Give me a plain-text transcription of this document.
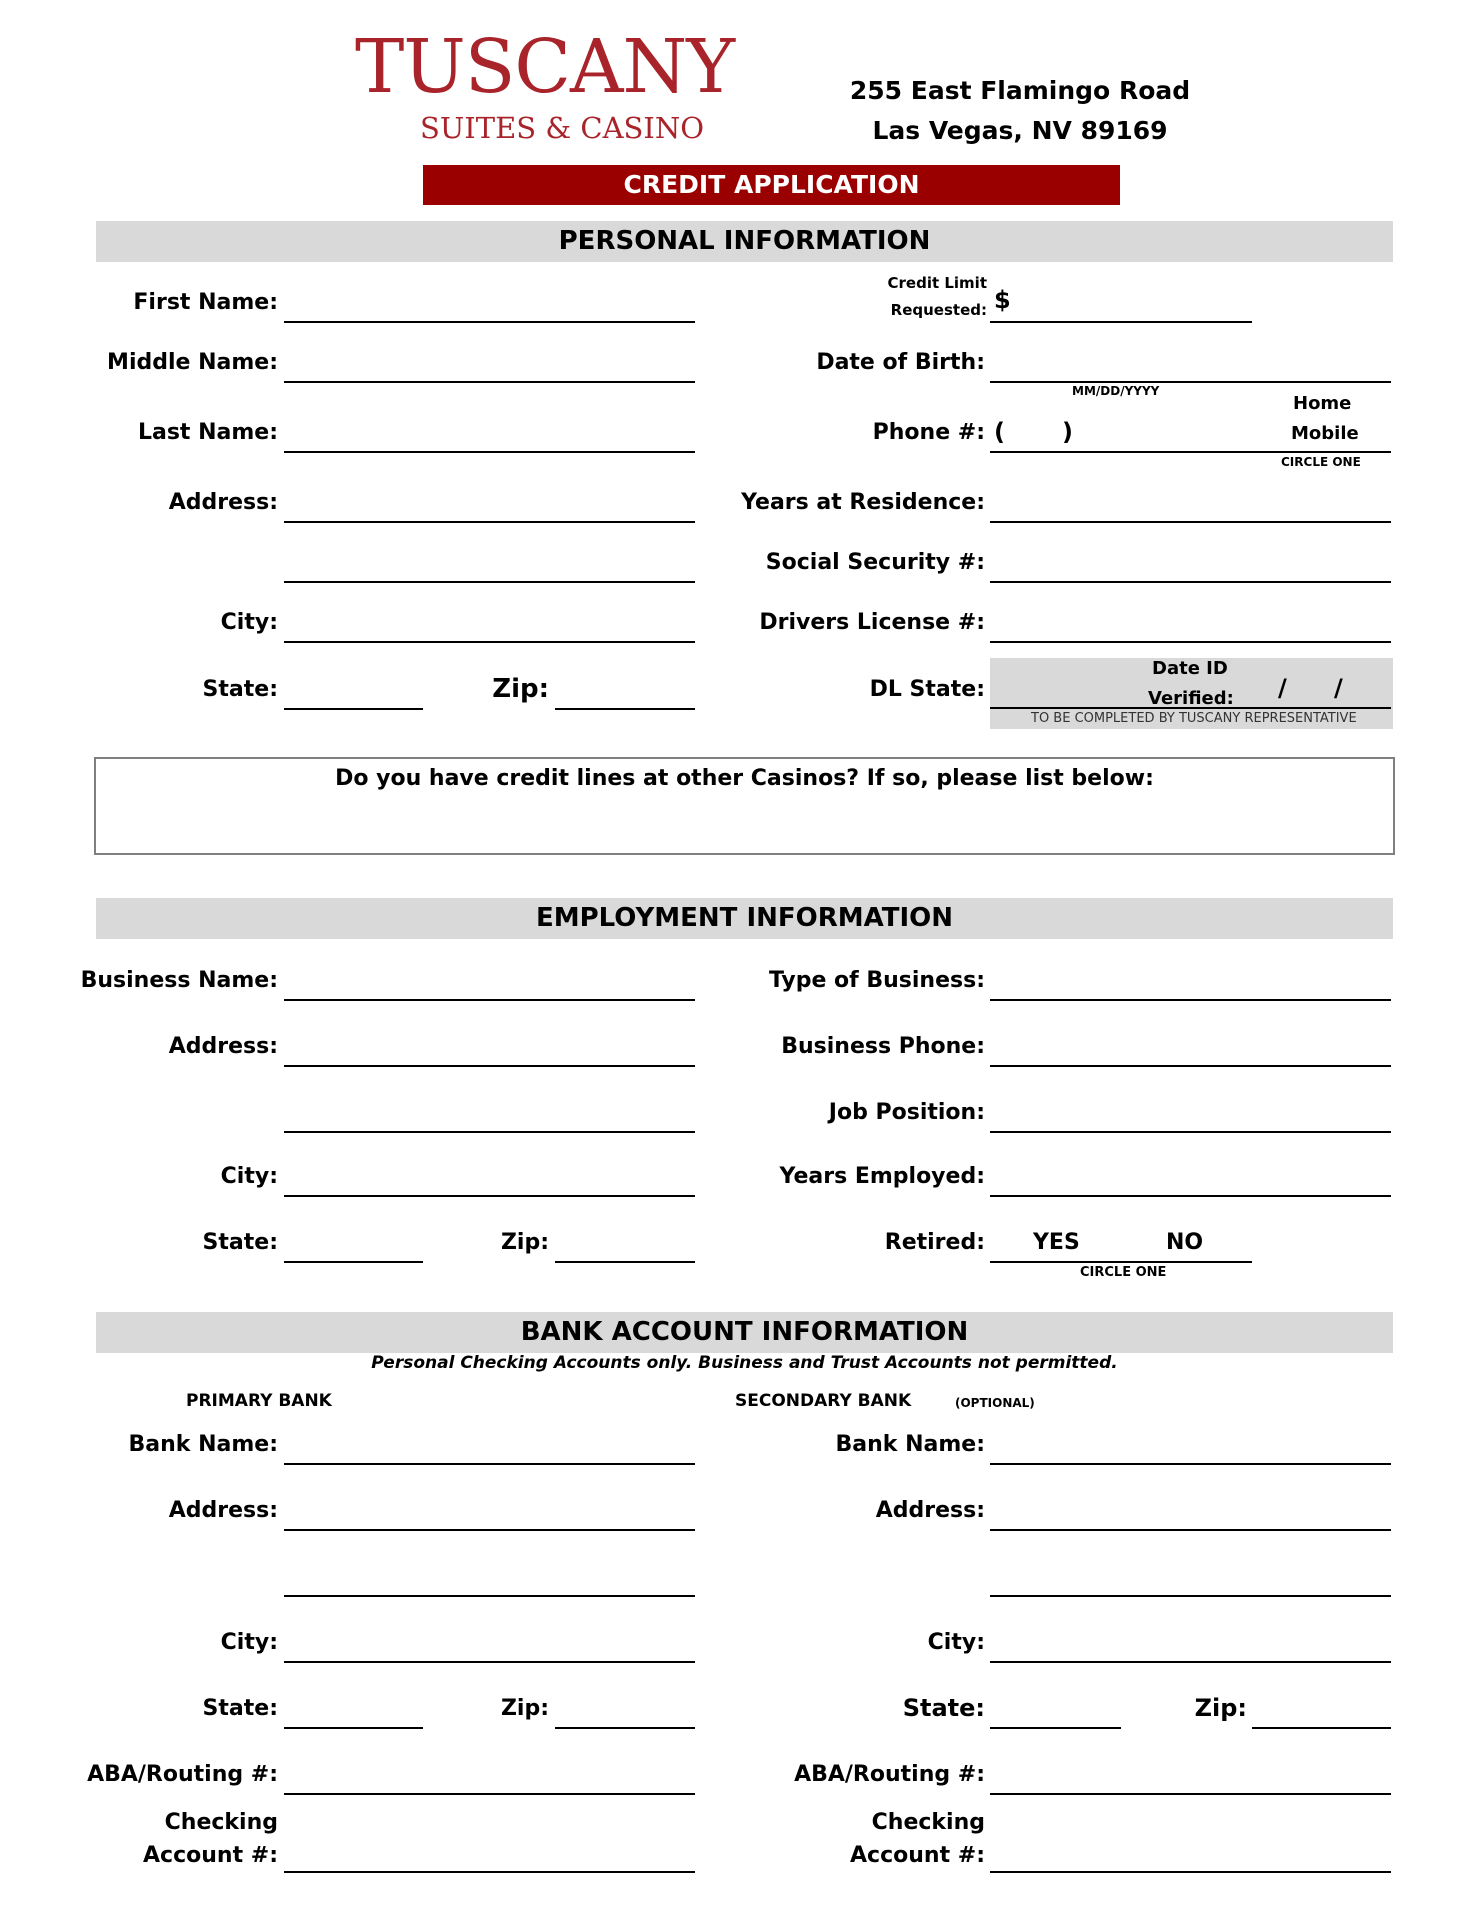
TUSCANY
SUITES & CASINO
255 East Flamingo Road
Las Vegas, NV 89169
CREDIT APPLICATION
PERSONAL INFORMATION
First Name:
Middle Name:
Last Name:
Address:
City:
State:	Zip:
Credit Limit
Requested: $
Date of Birth:
MM/DD/YYYY
Phone #: ( )
Home
Mobile
CIRCLE ONE
Years at Residence:
Social Security #:
Drivers License #:
DL State:
Date ID
Verified: / /
TO BE COMPLETED BY TUSCANY REPRESENTATIVE
Do you have credit lines at other Casinos? If so, please list below:
EMPLOYMENT INFORMATION
Business Name:
Address:
City:
State:	Zip:
Type of Business:
Business Phone:
Job Position:
Years Employed:
Retired: YES	NO
CIRCLE ONE
BANK ACCOUNT INFORMATION
Personal Checking Accounts only. Business and Trust Accounts not permitted.
PRIMARY BANK	SECONDARY BANK	(OPTIONAL)
Bank Name:
Address:
City:
State:	Zip:
ABA/Routing #:
Checking
Account #:
Bank Name:
Address:
City:
State:	Zip:
ABA/Routing #:
Checking
Account #:
